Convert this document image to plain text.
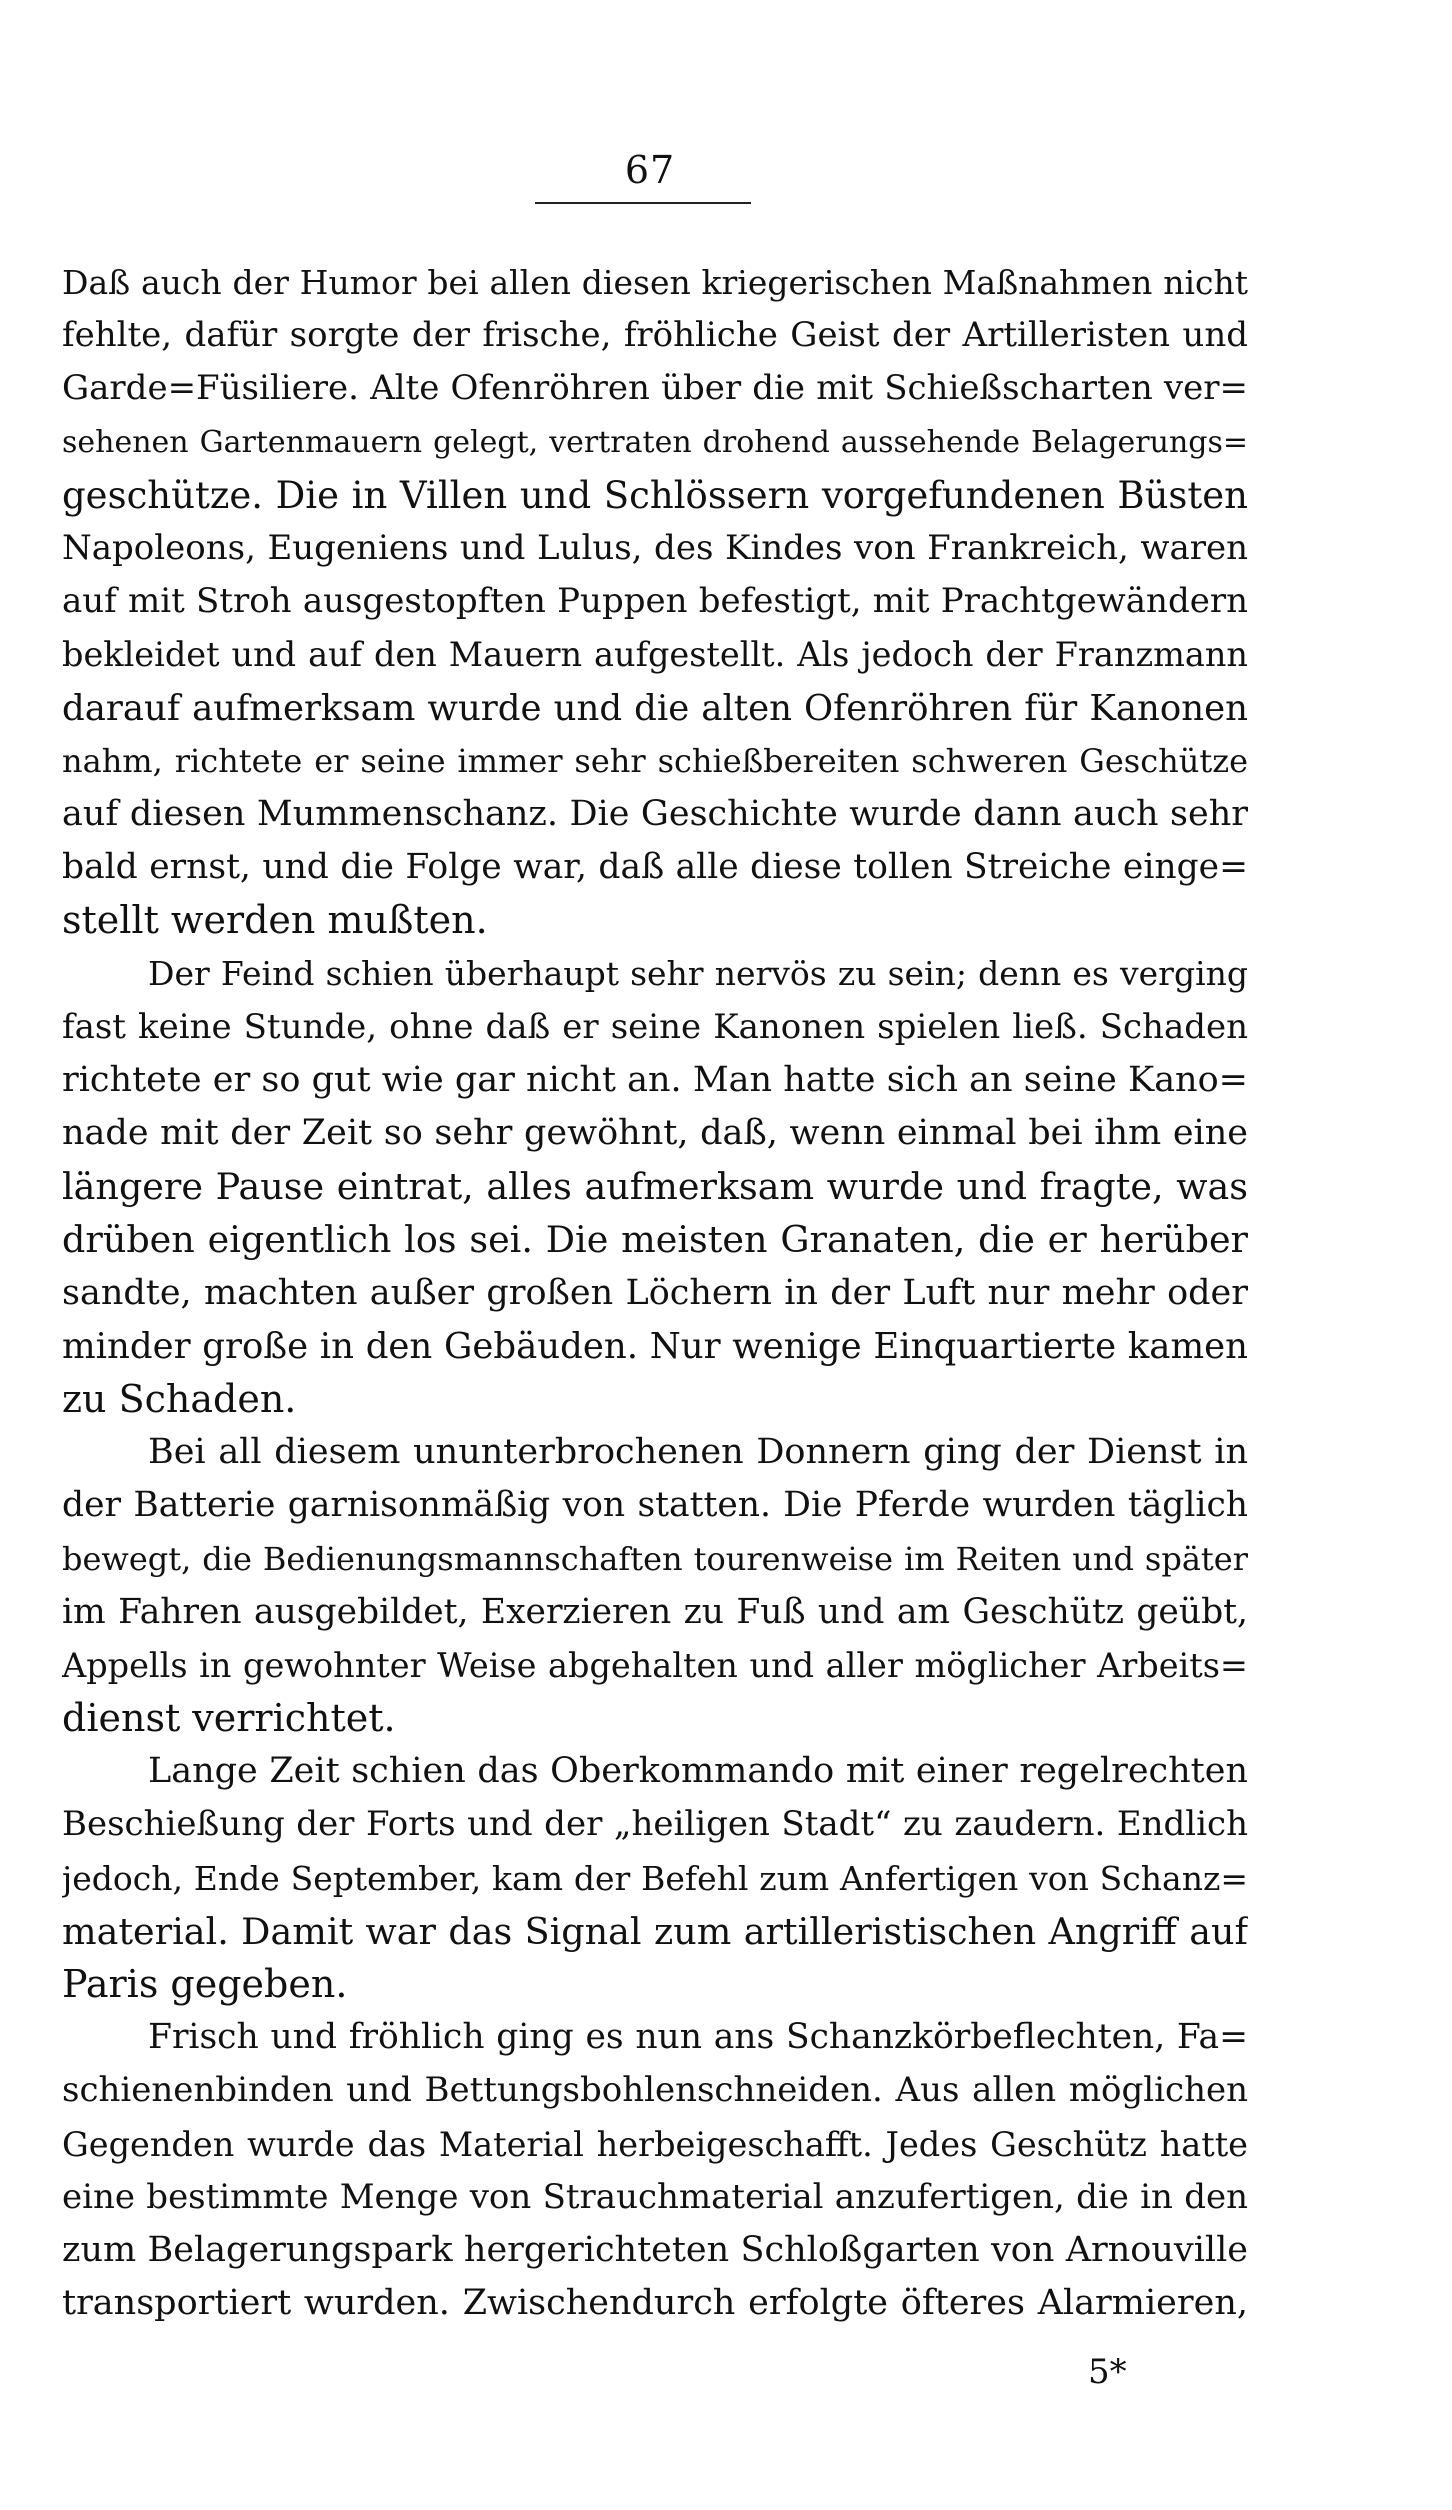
67
Daß auch der Humor bei allen diesen kriegerischen Maßnahmen nicht
fehlte, dafür sorgte der frische, fröhliche Geist der Artilleristen und
Garde=Füsiliere. Alte Ofenröhren über die mit Schießscharten ver=
sehenen Gartenmauern gelegt, vertraten drohend aussehende Belagerungs=
geschütze. Die in Villen und Schlössern vorgefundenen Büsten
Napoleons, Eugeniens und Lulus, des Kindes von Frankreich, waren
auf mit Stroh ausgestopften Puppen befestigt, mit Prachtgewändern
bekleidet und auf den Mauern aufgestellt. Als jedoch der Franzmann
darauf aufmerksam wurde und die alten Ofenröhren für Kanonen
nahm, richtete er seine immer sehr schießbereiten schweren Geschütze
auf diesen Mummenschanz. Die Geschichte wurde dann auch sehr
bald ernst, und die Folge war, daß alle diese tollen Streiche einge=
stellt werden mußten.
Der Feind schien überhaupt sehr nervös zu sein; denn es verging
fast keine Stunde, ohne daß er seine Kanonen spielen ließ. Schaden
richtete er so gut wie gar nicht an. Man hatte sich an seine Kano=
nade mit der Zeit so sehr gewöhnt, daß, wenn einmal bei ihm eine
längere Pause eintrat, alles aufmerksam wurde und fragte, was
drüben eigentlich los sei. Die meisten Granaten, die er herüber
sandte, machten außer großen Löchern in der Luft nur mehr oder
minder große in den Gebäuden. Nur wenige Einquartierte kamen
zu Schaden.
Bei all diesem ununterbrochenen Donnern ging der Dienst in
der Batterie garnisonmäßig von statten. Die Pferde wurden täglich
bewegt, die Bedienungsmannschaften tourenweise im Reiten und später
im Fahren ausgebildet, Exerzieren zu Fuß und am Geschütz geübt,
Appells in gewohnter Weise abgehalten und aller möglicher Arbeits=
dienst verrichtet.
Lange Zeit schien das Oberkommando mit einer regelrechten
Beschießung der Forts und der „heiligen Stadt“ zu zaudern. Endlich
jedoch, Ende September, kam der Befehl zum Anfertigen von Schanz=
material. Damit war das Signal zum artilleristischen Angriff auf
Paris gegeben.
Frisch und fröhlich ging es nun ans Schanzkörbeflechten, Fa=
schienenbinden und Bettungsbohlenschneiden. Aus allen möglichen
Gegenden wurde das Material herbeigeschafft. Jedes Geschütz hatte
eine bestimmte Menge von Strauchmaterial anzufertigen, die in den
zum Belagerungspark hergerichteten Schloßgarten von Arnouville
transportiert wurden. Zwischendurch erfolgte öfteres Alarmieren,
5*
